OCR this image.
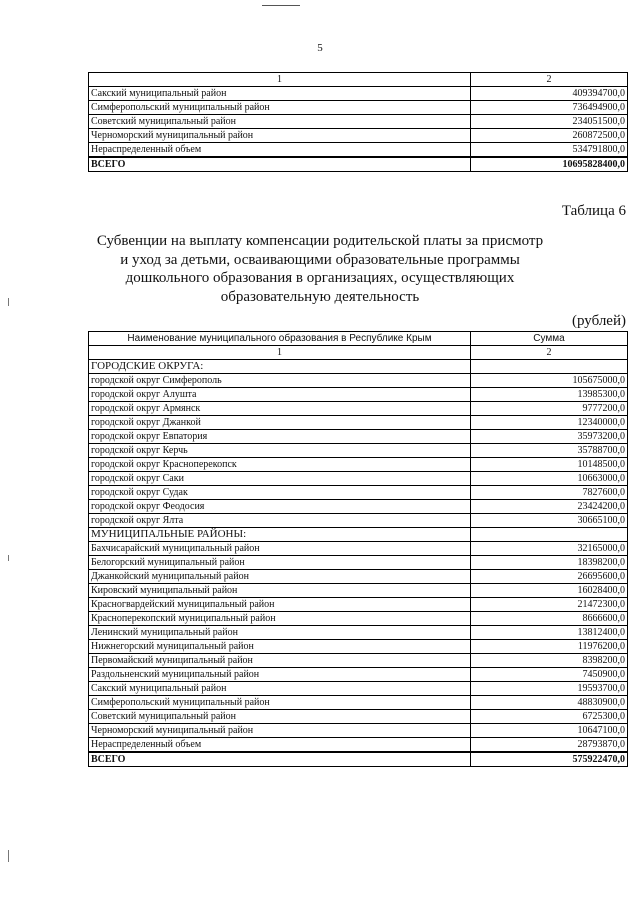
5
1	2
Сакский муниципальный район	409394700,0
Симферопольский муниципальный район	736494900,0
Советский муниципальный район	234051500,0
Черноморский муниципальный район	260872500,0
Нераспределенный объем	534791800,0
ВСЕГО	10695828400,0
Таблица 6
Субвенции на выплату компенсации родительской платы за присмотр и уход за детьми, осваивающими образовательные программы дошкольного образования в организациях, осуществляющих образовательную деятельность
(рублей)
Наименование муниципального образования в Республике Крым	Сумма
1	2
ГОРОДСКИЕ ОКРУГА:	
городской округ Симферополь	105675000,0
городской округ Алушта	13985300,0
городской округ Армянск	9777200,0
городской округ Джанкой	12340000,0
городской округ Евпатория	35973200,0
городской округ Керчь	35788700,0
городской округ Красноперекопск	10148500,0
городской округ Саки	10663000,0
городской округ Судак	7827600,0
городской округ Феодосия	23424200,0
городской округ Ялта	30665100,0
МУНИЦИПАЛЬНЫЕ РАЙОНЫ:	
Бахчисарайский муниципальный район	32165000,0
Белогорский муниципальный район	18398200,0
Джанкойский муниципальный район	26695600,0
Кировский муниципальный район	16028400,0
Красногвардейский муниципальный район	21472300,0
Красноперекопский муниципальный район	8666600,0
Ленинский муниципальный район	13812400,0
Нижнегорский муниципальный район	11976200,0
Первомайский муниципальный район	8398200,0
Раздольненский муниципальный район	7450900,0
Сакский муниципальный район	19593700,0
Симферопольский муниципальный район	48830900,0
Советский муниципальный район	6725300,0
Черноморский муниципальный район	10647100,0
Нераспределенный объем	28793870,0
ВСЕГО	575922470,0
